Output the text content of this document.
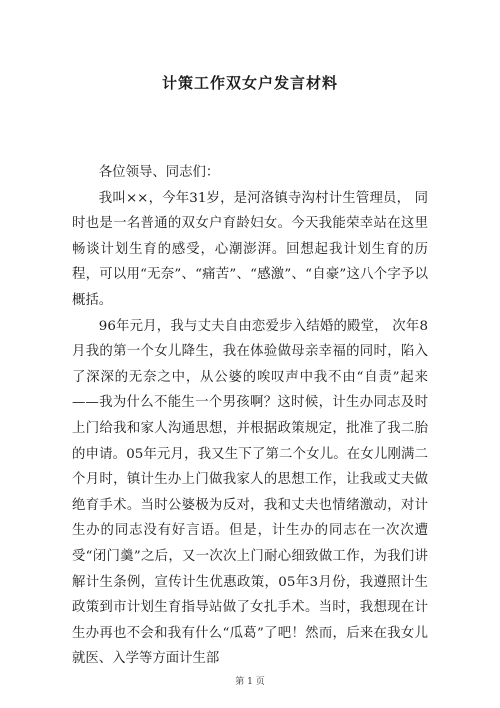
计策工作双女户发言材料

各位领导、同志们：

我叫××，今年31岁，是河洛镇寺沟村计生管理员， 同时也是一名普通的双女户育龄妇女。今天我能荣幸站在这里畅谈计划生育的感受，心潮澎湃。回想起我计划生育的历程，可以用“无奈”、“痛苦”、“感激”、“自豪”这八个字予以概括。

96年元月，我与丈夫自由恋爱步入结婚的殿堂， 次年8月我的第一个女儿降生，我在体验做母亲幸福的同时，陷入了深深的无奈之中，从公婆的唉叹声中我不由“自责”起来——我为什么不能生一个男孩啊？这时候，计生办同志及时上门给我和家人沟通思想，并根据政策规定，批准了我二胎的申请。05年元月，我又生下了第二个女儿。在女儿刚满二个月时，镇计生办上门做我家人的思想工作，让我或丈夫做绝育手术。当时公婆极为反对，我和丈夫也情绪激动，对计生办的同志没有好言语。但是，计生办的同志在一次次遭受“闭门羹”之后，又一次次上门耐心细致做工作，为我们讲解计生条例，宣传计生优惠政策，05年3月份，我遵照计生政策到市计划生育指导站做了女扎手术。当时，我想现在计生办再也不会和我有什么“瓜葛”了吧！然而，后来在我女儿就医、入学等方面计生部

第 1 页
